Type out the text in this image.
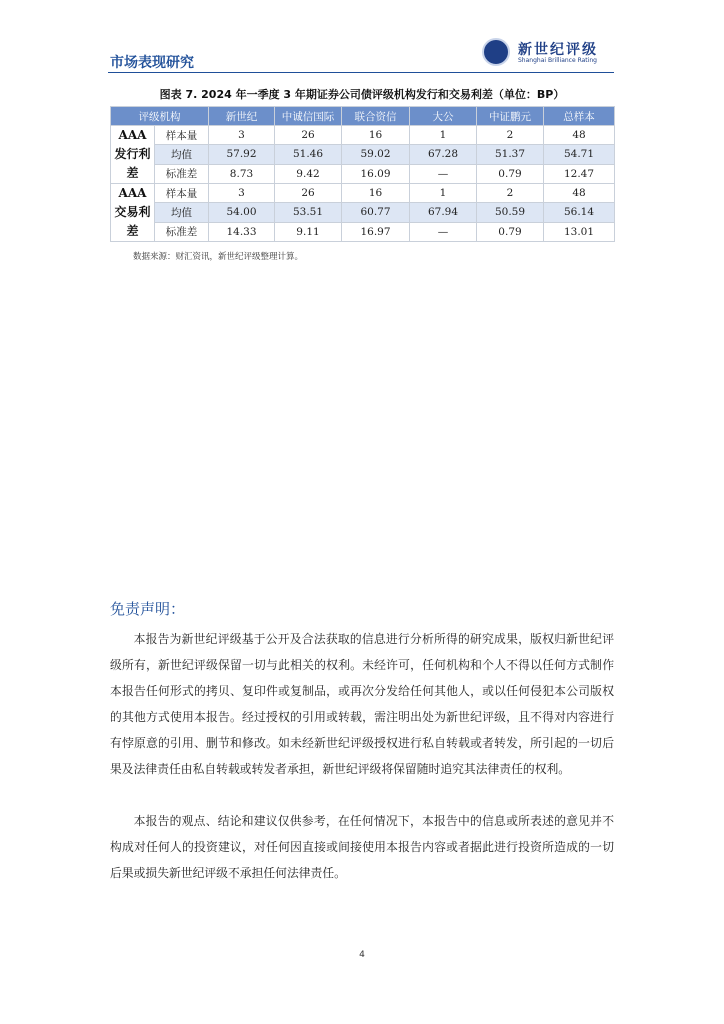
市场表现研究
新世纪评级
Shanghai Brilliance Rating
图表 7. 2024 年一季度 3 年期证券公司债评级机构发行和交易利差（单位：BP）
评级机构		新世纪	中诚信国际	联合资信	大公	中证鹏元	总样本
AAA 发行利差	样本量	3	26	16	1	2	48
	均值	57.92	51.46	59.02	67.28	51.37	54.71
	标准差	8.73	9.42	16.09	—	0.79	12.47
AAA 交易利差	样本量	3	26	16	1	2	48
	均值	54.00	53.51	60.77	67.94	50.59	56.14
	标准差	14.33	9.11	16.97	—	0.79	13.01
数据来源：财汇资讯，新世纪评级整理计算。
免责声明：

本报告为新世纪评级基于公开及合法获取的信息进行分析所得的研究成果，版权归新世纪评级所有，新世纪评级保留一切与此相关的权利。未经许可，任何机构和个人不得以任何方式制作本报告任何形式的拷贝、复印件或复制品，或再次分发给任何其他人，或以任何侵犯本公司版权的其他方式使用本报告。经过授权的引用或转载，需注明出处为新世纪评级，且不得对内容进行有悖原意的引用、删节和修改。如未经新世纪评级授权进行私自转载或者转发，所引起的一切后果及法律责任由私自转载或转发者承担，新世纪评级将保留随时追究其法律责任的权利。

本报告的观点、结论和建议仅供参考，在任何情况下，本报告中的信息或所表述的意见并不构成对任何人的投资建议，对任何因直接或间接使用本报告内容或者据此进行投资所造成的一切后果或损失新世纪评级不承担任何法律责任。

4
